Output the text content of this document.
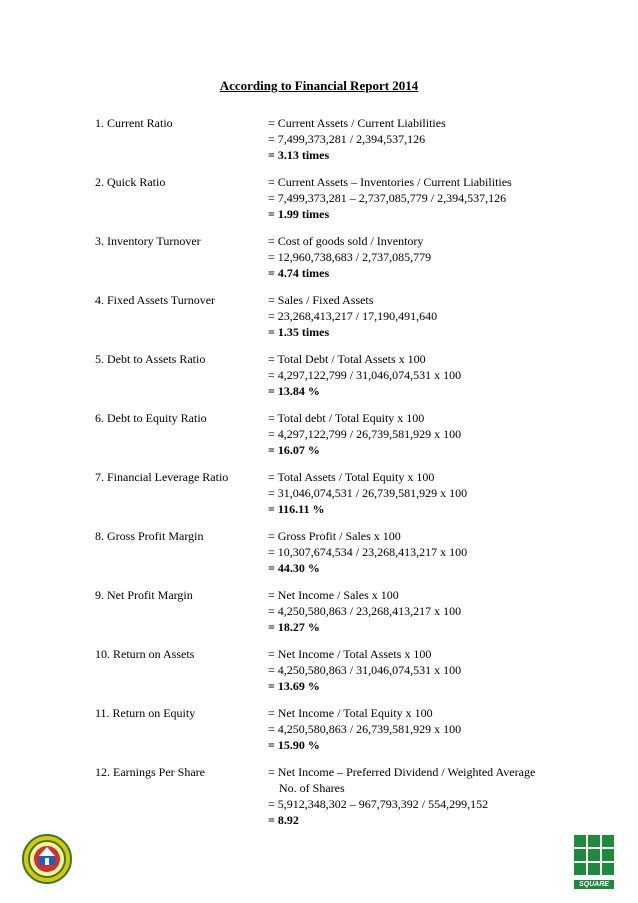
According to Financial Report 2014
1. Current Ratio	= Current Assets / Current Liabilities
= 7,499,373,281 / 2,394,537,126
= 3.13 times
2. Quick Ratio	= Current Assets – Inventories / Current Liabilities
= 7,499,373,281 – 2,737,085,779 / 2,394,537,126
= 1.99 times
3. Inventory Turnover	= Cost of goods sold / Inventory
= 12,960,738,683 / 2,737,085,779
= 4.74 times
4. Fixed Assets Turnover	= Sales / Fixed Assets
= 23,268,413,217 / 17,190,491,640
= 1.35 times
5. Debt to Assets Ratio	= Total Debt / Total Assets x 100
= 4,297,122,799 / 31,046,074,531 x 100
= 13.84 %
6. Debt to Equity Ratio	= Total debt / Total Equity x 100
= 4,297,122,799 / 26,739,581,929 x 100
= 16.07 %
7. Financial Leverage Ratio	= Total Assets / Total Equity x 100
= 31,046,074,531 / 26,739,581,929 x 100
= 116.11 %
8. Gross Profit Margin	= Gross Profit / Sales x 100
= 10,307,674,534 / 23,268,413,217 x 100
= 44.30 %
9. Net Profit Margin	= Net Income / Sales x 100
= 4,250,580,863 / 23,268,413,217 x 100
= 18.27 %
10. Return on Assets	= Net Income / Total Assets x 100
= 4,250,580,863 / 31,046,074,531 x 100
= 13.69 %
11. Return on Equity	= Net Income / Total Equity x 100
= 4,250,580,863 / 26,739,581,929 x 100
= 15.90 %
12. Earnings Per Share	= Net Income – Preferred Dividend / Weighted Average
No. of Shares
= 5,912,348,302 – 967,793,392 / 554,299,152
= 8.92
SQUARE
